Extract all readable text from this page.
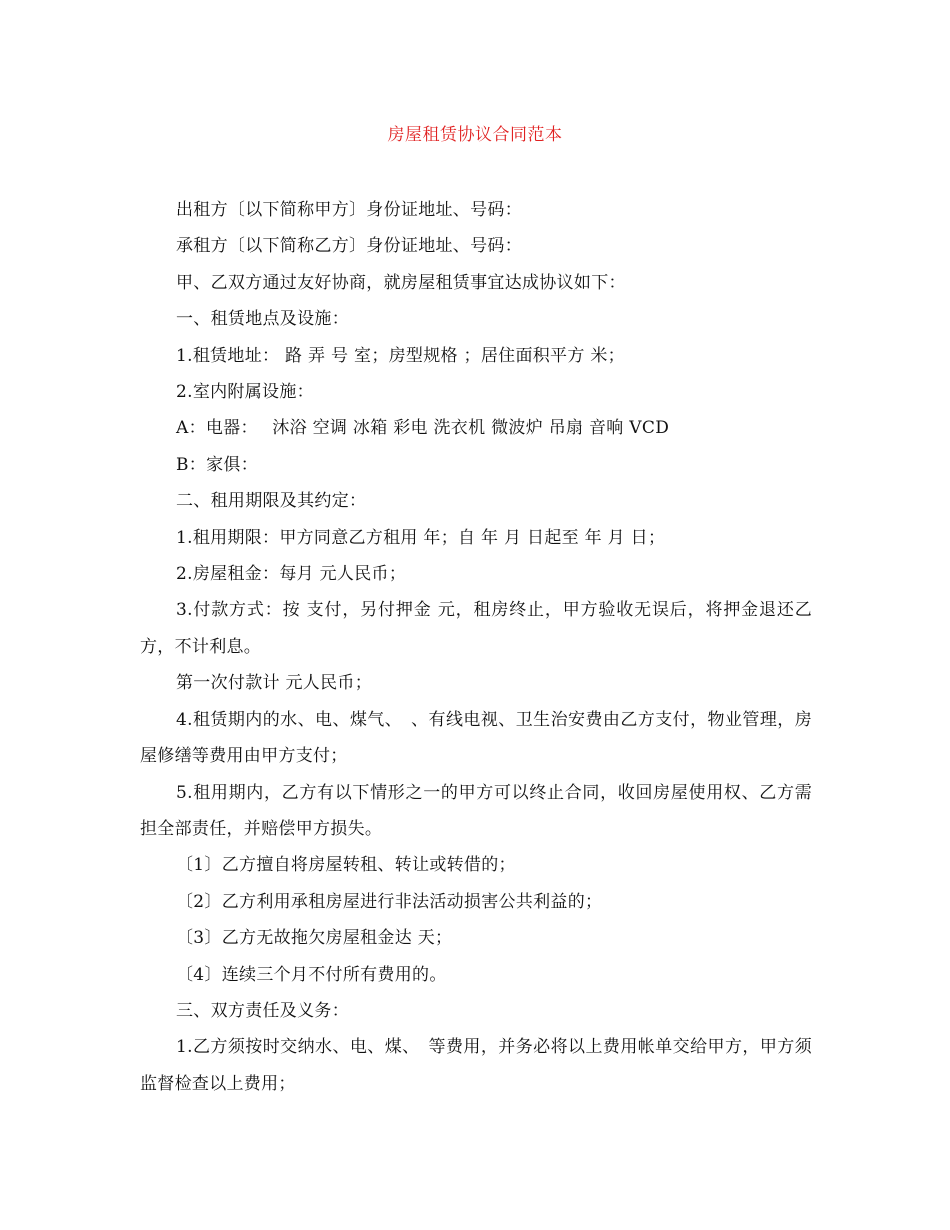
房屋租赁协议合同范本

出租方〔以下简称甲方〕身份证地址、号码：

承租方〔以下简称乙方〕身份证地址、号码：

甲、乙双方通过友好协商，就房屋租赁事宜达成协议如下：

一、租赁地点及设施：

1.租赁地址： 路 弄 号 室；房型规格 ；居住面积平方 米；

2.室内附属设施：

A：电器：　 沐浴 空调 冰箱 彩电 洗衣机 微波炉 吊扇 音响 VCD

B：家俱：

二、租用期限及其约定：

1.租用期限：甲方同意乙方租用 年；自 年 月 日起至 年 月 日；

2.房屋租金：每月 元人民币；

3.付款方式：按 支付，另付押金 元，租房终止，甲方验收无误后，将押金退还乙方，不计利息。

第一次付款计 元人民币；

4.租赁期内的水、电、煤气、　、有线电视、卫生治安费由乙方支付，物业管理，房屋修缮等费用由甲方支付；

5.租用期内，乙方有以下情形之一的甲方可以终止合同，收回房屋使用权、乙方需担全部责任，并赔偿甲方损失。

〔1〕乙方擅自将房屋转租、转让或转借的；

〔2〕乙方利用承租房屋进行非法活动损害公共利益的；

〔3〕乙方无故拖欠房屋租金达 天；

〔4〕连续三个月不付所有费用的。

三、双方责任及义务：

1.乙方须按时交纳水、电、煤、　等费用，并务必将以上费用帐单交给甲方，甲方须监督检查以上费用；
